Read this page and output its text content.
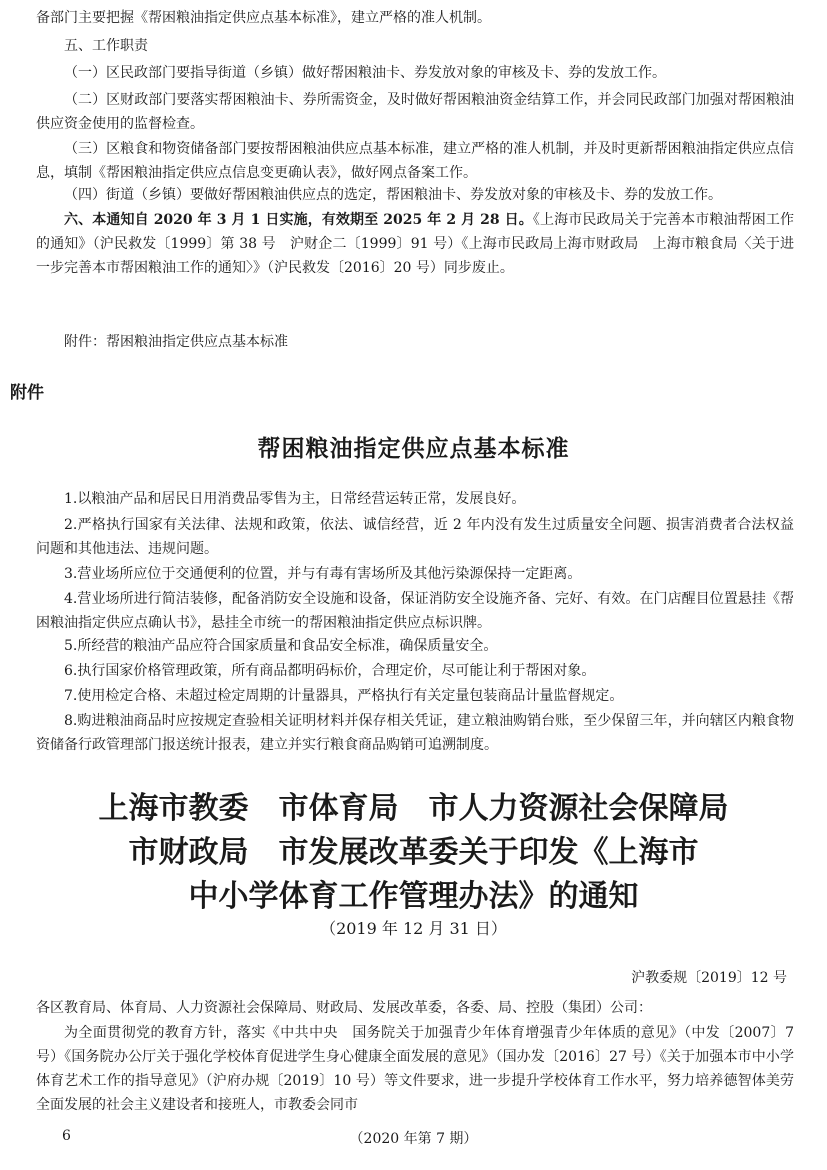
备部门主要把握《帮困粮油指定供应点基本标准》，建立严格的准人机制。

五、工作职责

（一）区民政部门要指导街道（乡镇）做好帮困粮油卡、券发放对象的审核及卡、券的发放工作。

（二）区财政部门要落实帮困粮油卡、券所需资金，及时做好帮困粮油资金结算工作，并会同民政部门加强对帮困粮油供应资金使用的监督检查。

（三）区粮食和物资储备部门要按帮困粮油供应点基本标准，建立严格的准人机制，并及时更新帮困粮油指定供应点信息，填制《帮困粮油指定供应点信息变更确认表》，做好网点备案工作。

（四）街道（乡镇）要做好帮困粮油供应点的选定，帮困粮油卡、券发放对象的审核及卡、券的发放工作。

六、本通知自 2020 年 3 月 1 日实施，有效期至 2025 年 2 月 28 日。《上海市民政局关于完善本市粮油帮困工作的通知》（沪民救发〔1999〕第 38 号　沪财企二〔1999〕91 号）《上海市民政局上海市财政局　上海市粮食局〈关于进一步完善本市帮困粮油工作的通知〉》（沪民救发〔2016〕20 号）同步废止。

附件：帮困粮油指定供应点基本标准

附件

帮困粮油指定供应点基本标准

1.以粮油产品和居民日用消费品零售为主，日常经营运转正常，发展良好。

2.严格执行国家有关法律、法规和政策，依法、诚信经营，近 2 年内没有发生过质量安全问题、损害消费者合法权益问题和其他违法、违规问题。

3.营业场所应位于交通便利的位置，并与有毒有害场所及其他污染源保持一定距离。

4.营业场所进行简洁装修，配备消防安全设施和设备，保证消防安全设施齐备、完好、有效。在门店醒目位置悬挂《帮困粮油指定供应点确认书》，悬挂全市统一的帮困粮油指定供应点标识牌。

5.所经营的粮油产品应符合国家质量和食品安全标准，确保质量安全。

6.执行国家价格管理政策，所有商品都明码标价，合理定价，尽可能让利于帮困对象。

7.使用检定合格、未超过检定周期的计量器具，严格执行有关定量包装商品计量监督规定。

8.购进粮油商品时应按规定查验相关证明材料并保存相关凭证，建立粮油购销台账，至少保留三年，并向辖区内粮食物资储备行政管理部门报送统计报表，建立并实行粮食商品购销可追溯制度。

上海市教委　市体育局　市人力资源社会保障局
市财政局　市发展改革委关于印发《上海市
中小学体育工作管理办法》的通知

（2019 年 12 月 31 日）

沪教委规〔2019〕12 号

各区教育局、体育局、人力资源社会保障局、财政局、发展改革委，各委、局、控股（集团）公司：

为全面贯彻党的教育方针，落实《中共中央　国务院关于加强青少年体育增强青少年体质的意见》（中发〔2007〕7 号）《国务院办公厅关于强化学校体育促进学生身心健康全面发展的意见》（国办发〔2016〕27 号）《关于加强本市中小学体育艺术工作的指导意见》（沪府办规〔2019〕10 号）等文件要求，进一步提升学校体育工作水平，努力培养德智体美劳全面发展的社会主义建设者和接班人，市教委会同市

6	（2020 年第 7 期）
